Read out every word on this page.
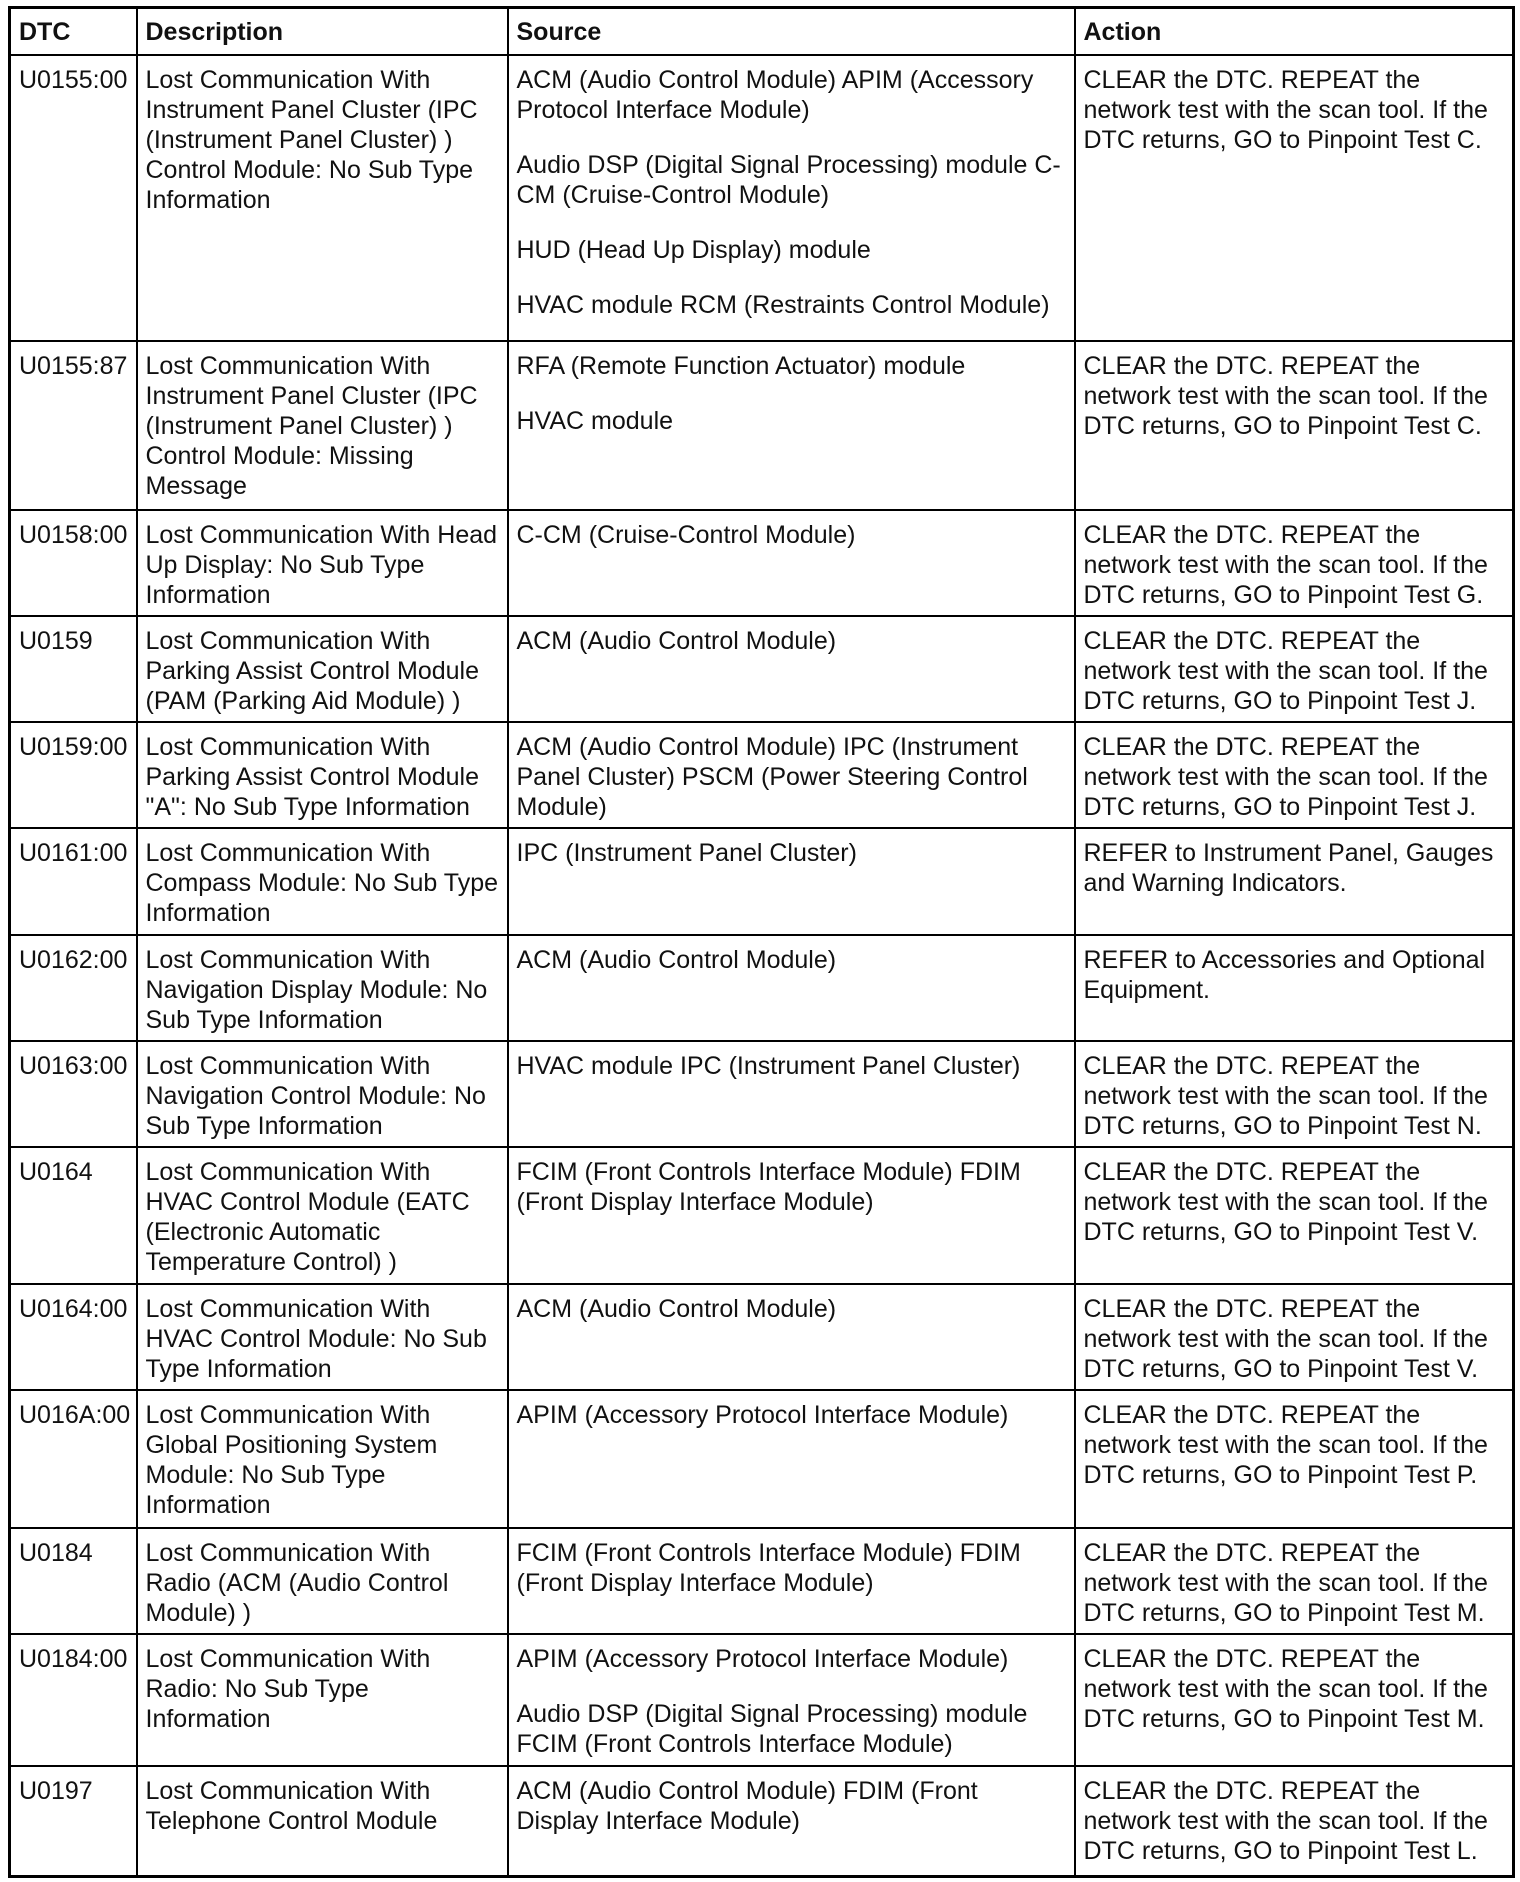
DTC	Description	Source	Action
U0155:00	Lost Communication With Instrument Panel Cluster (IPC (Instrument Panel Cluster) ) Control Module: No Sub Type Information	ACM (Audio Control Module) APIM (Accessory Protocol Interface Module)
Audio DSP (Digital Signal Processing) module C-CM (Cruise-Control Module)
HUD (Head Up Display) module
HVAC module RCM (Restraints Control Module)	CLEAR the DTC. REPEAT the network test with the scan tool. If the DTC returns, GO to Pinpoint Test C.
U0155:87	Lost Communication With Instrument Panel Cluster (IPC (Instrument Panel Cluster) ) Control Module: Missing Message	RFA (Remote Function Actuator) module
HVAC module	CLEAR the DTC. REPEAT the network test with the scan tool. If the DTC returns, GO to Pinpoint Test C.
U0158:00	Lost Communication With Head Up Display: No Sub Type Information	C-CM (Cruise-Control Module)	CLEAR the DTC. REPEAT the network test with the scan tool. If the DTC returns, GO to Pinpoint Test G.
U0159	Lost Communication With Parking Assist Control Module (PAM (Parking Aid Module) )	ACM (Audio Control Module)	CLEAR the DTC. REPEAT the network test with the scan tool. If the DTC returns, GO to Pinpoint Test J.
U0159:00	Lost Communication With Parking Assist Control Module "A": No Sub Type Information	ACM (Audio Control Module) IPC (Instrument Panel Cluster) PSCM (Power Steering Control Module)	CLEAR the DTC. REPEAT the network test with the scan tool. If the DTC returns, GO to Pinpoint Test J.
U0161:00	Lost Communication With Compass Module: No Sub Type Information	IPC (Instrument Panel Cluster)	REFER to Instrument Panel, Gauges and Warning Indicators.
U0162:00	Lost Communication With Navigation Display Module: No Sub Type Information	ACM (Audio Control Module)	REFER to Accessories and Optional Equipment.
U0163:00	Lost Communication With Navigation Control Module: No Sub Type Information	HVAC module IPC (Instrument Panel Cluster)	CLEAR the DTC. REPEAT the network test with the scan tool. If the DTC returns, GO to Pinpoint Test N.
U0164	Lost Communication With HVAC Control Module (EATC (Electronic Automatic Temperature Control) )	FCIM (Front Controls Interface Module) FDIM (Front Display Interface Module)	CLEAR the DTC. REPEAT the network test with the scan tool. If the DTC returns, GO to Pinpoint Test V.
U0164:00	Lost Communication With HVAC Control Module: No Sub Type Information	ACM (Audio Control Module)	CLEAR the DTC. REPEAT the network test with the scan tool. If the DTC returns, GO to Pinpoint Test V.
U016A:00	Lost Communication With Global Positioning System Module: No Sub Type Information	APIM (Accessory Protocol Interface Module)	CLEAR the DTC. REPEAT the network test with the scan tool. If the DTC returns, GO to Pinpoint Test P.
U0184	Lost Communication With Radio (ACM (Audio Control Module) )	FCIM (Front Controls Interface Module) FDIM (Front Display Interface Module)	CLEAR the DTC. REPEAT the network test with the scan tool. If the DTC returns, GO to Pinpoint Test M.
U0184:00	Lost Communication With Radio: No Sub Type Information	APIM (Accessory Protocol Interface Module)
Audio DSP (Digital Signal Processing) module FCIM (Front Controls Interface Module)	CLEAR the DTC. REPEAT the network test with the scan tool. If the DTC returns, GO to Pinpoint Test M.
U0197	Lost Communication With Telephone Control Module	ACM (Audio Control Module) FDIM (Front Display Interface Module)	CLEAR the DTC. REPEAT the network test with the scan tool. If the DTC returns, GO to Pinpoint Test L.
